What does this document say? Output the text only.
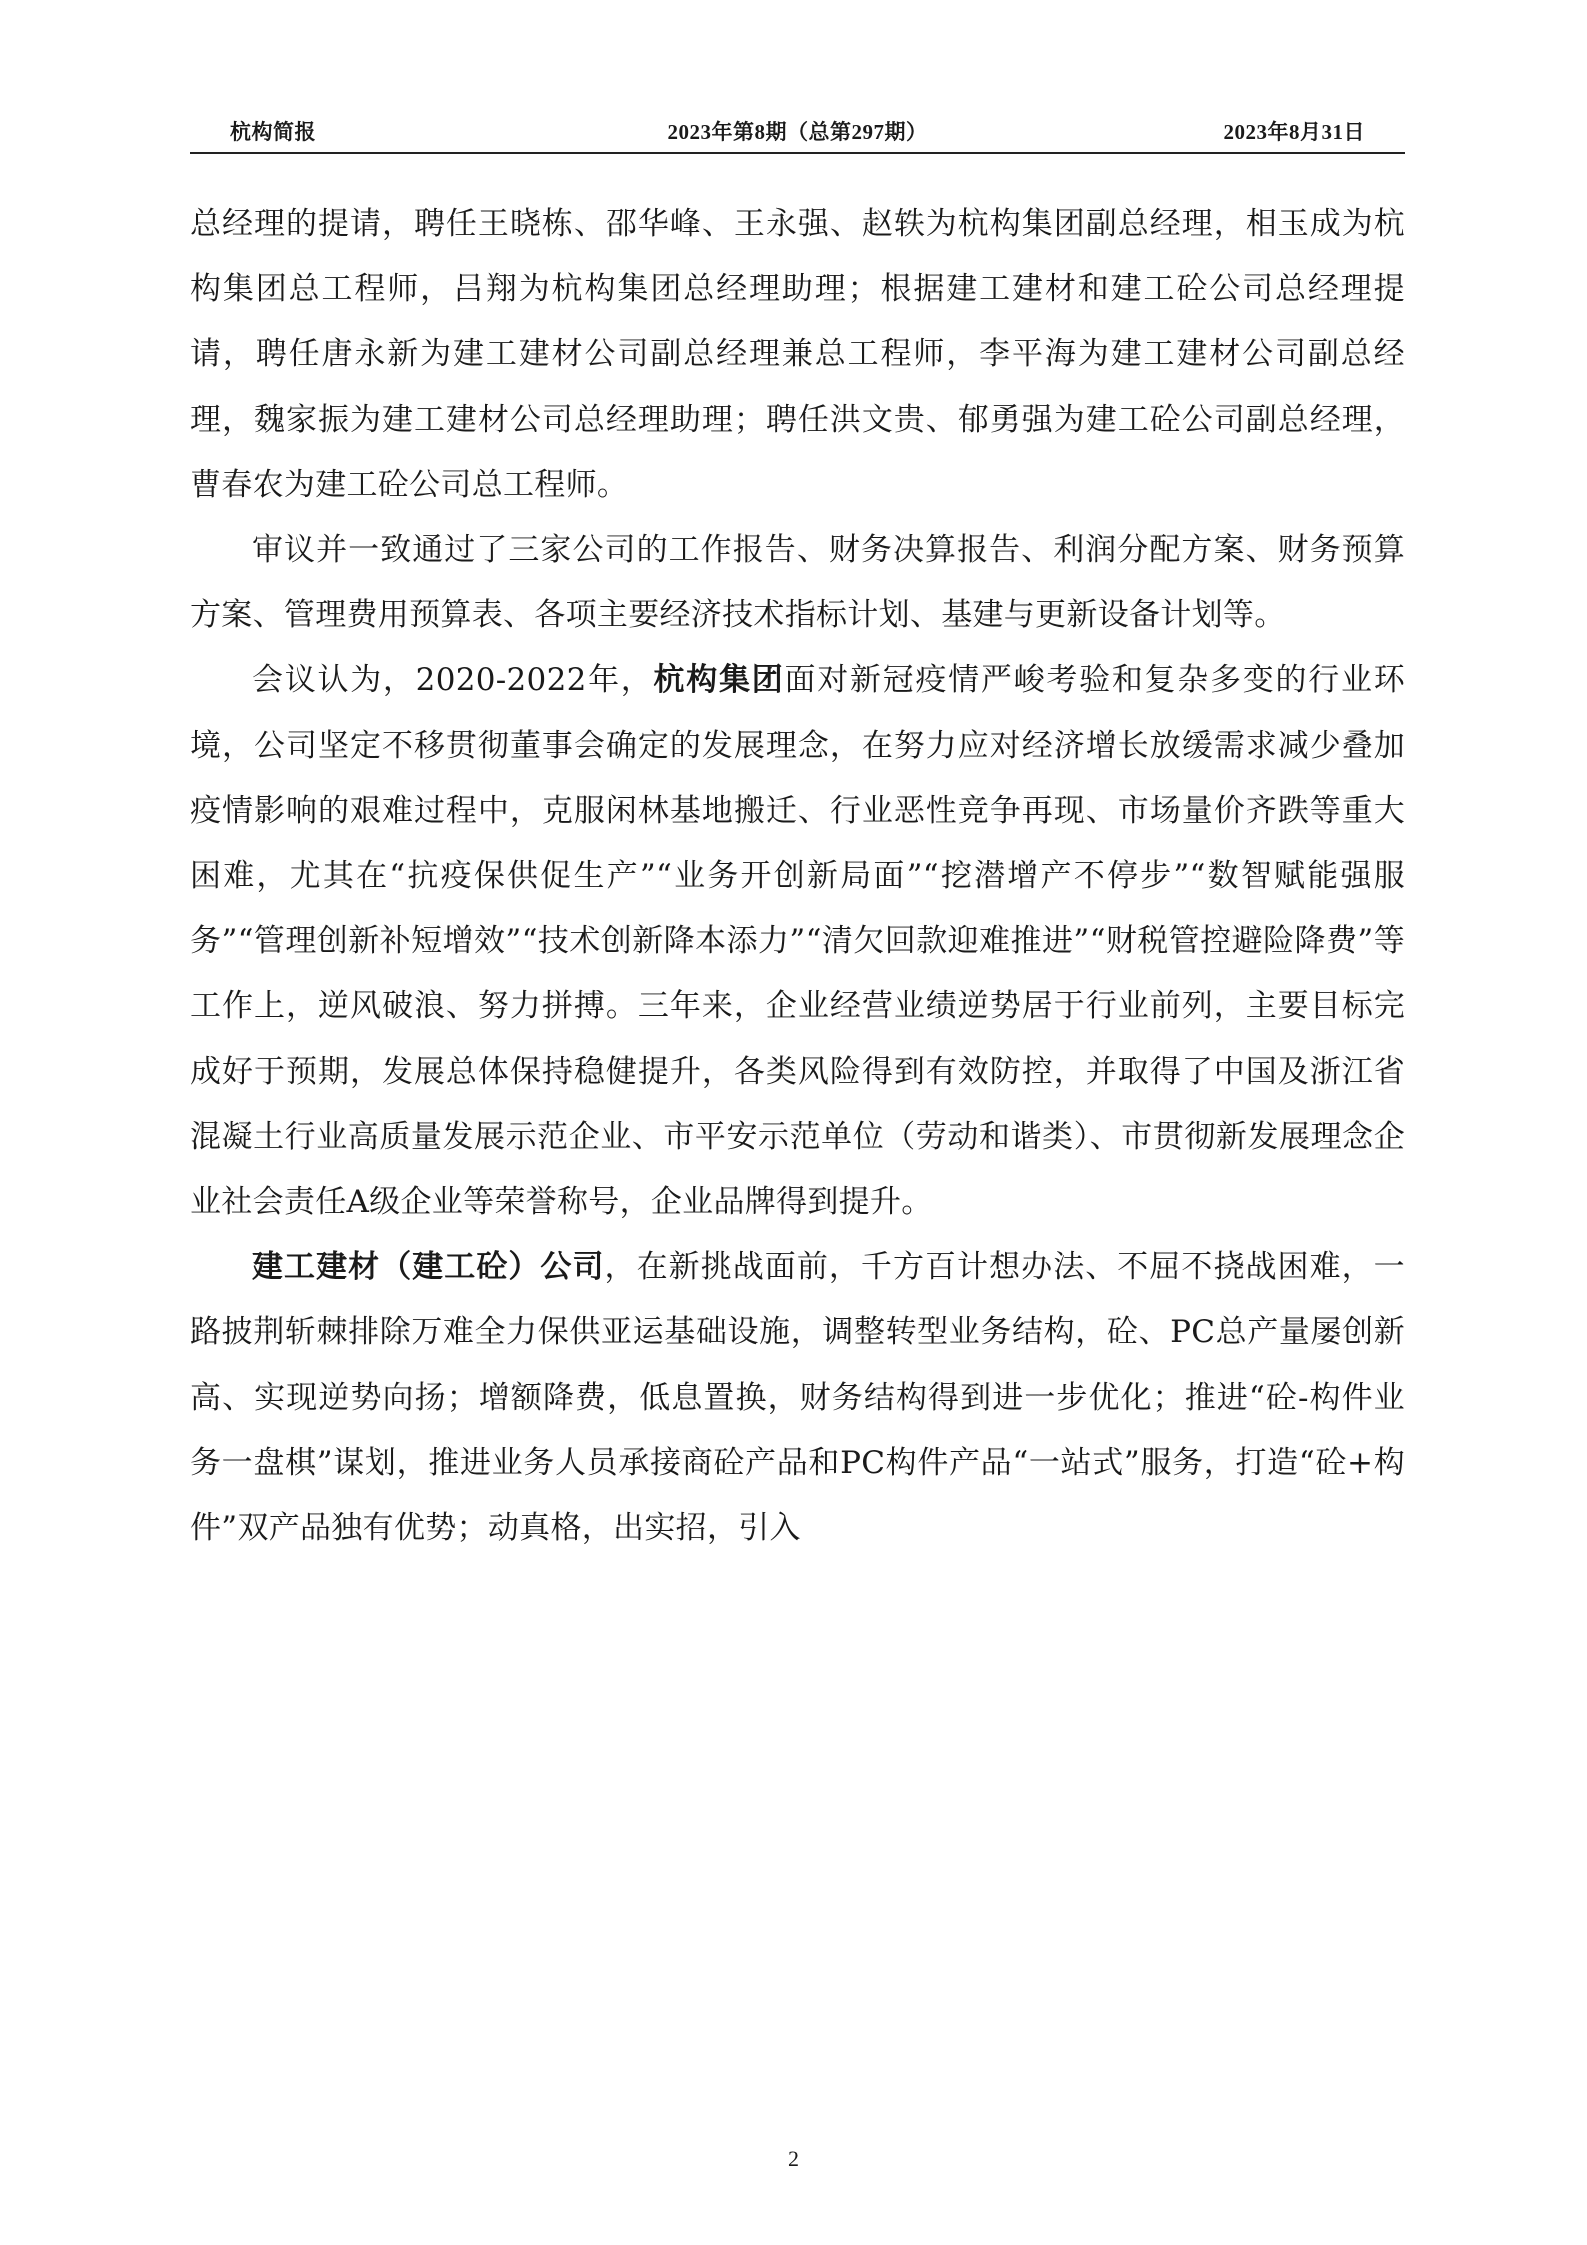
杭构简报	2023年第8期（总第297期）	2023年8月31日

总经理的提请，聘任王晓栋、邵华峰、王永强、赵轶为杭构集团副总经理，相玉成为杭构集团总工程师，吕翔为杭构集团总经理助理；根据建工建材和建工砼公司总经理提请，聘任唐永新为建工建材公司副总经理兼总工程师，李平海为建工建材公司副总经理，魏家振为建工建材公司总经理助理；聘任洪文贵、郁勇强为建工砼公司副总经理，曹春农为建工砼公司总工程师。

审议并一致通过了三家公司的工作报告、财务决算报告、利润分配方案、财务预算方案、管理费用预算表、各项主要经济技术指标计划、基建与更新设备计划等。

会议认为，2020-2022年，杭构集团面对新冠疫情严峻考验和复杂多变的行业环境，公司坚定不移贯彻董事会确定的发展理念，在努力应对经济增长放缓需求减少叠加疫情影响的艰难过程中，克服闲林基地搬迁、行业恶性竞争再现、市场量价齐跌等重大困难，尤其在“抗疫保供促生产”“业务开创新局面”“挖潜增产不停步”“数智赋能强服务”“管理创新补短增效”“技术创新降本添力”“清欠回款迎难推进”“财税管控避险降费”等工作上，逆风破浪、努力拼搏。三年来，企业经营业绩逆势居于行业前列，主要目标完成好于预期，发展总体保持稳健提升，各类风险得到有效防控，并取得了中国及浙江省混凝土行业高质量发展示范企业、市平安示范单位（劳动和谐类）、市贯彻新发展理念企业社会责任A级企业等荣誉称号，企业品牌得到提升。

建工建材（建工砼）公司，在新挑战面前，千方百计想办法、不屈不挠战困难，一路披荆斩棘排除万难全力保供亚运基础设施，调整转型业务结构，砼、PC总产量屡创新高、实现逆势向扬；增额降费，低息置换，财务结构得到进一步优化；推进“砼-构件业务一盘棋”谋划，推进业务人员承接商砼产品和PC构件产品“一站式”服务，打造“砼+构件”双产品独有优势；动真格，出实招，引入

2
